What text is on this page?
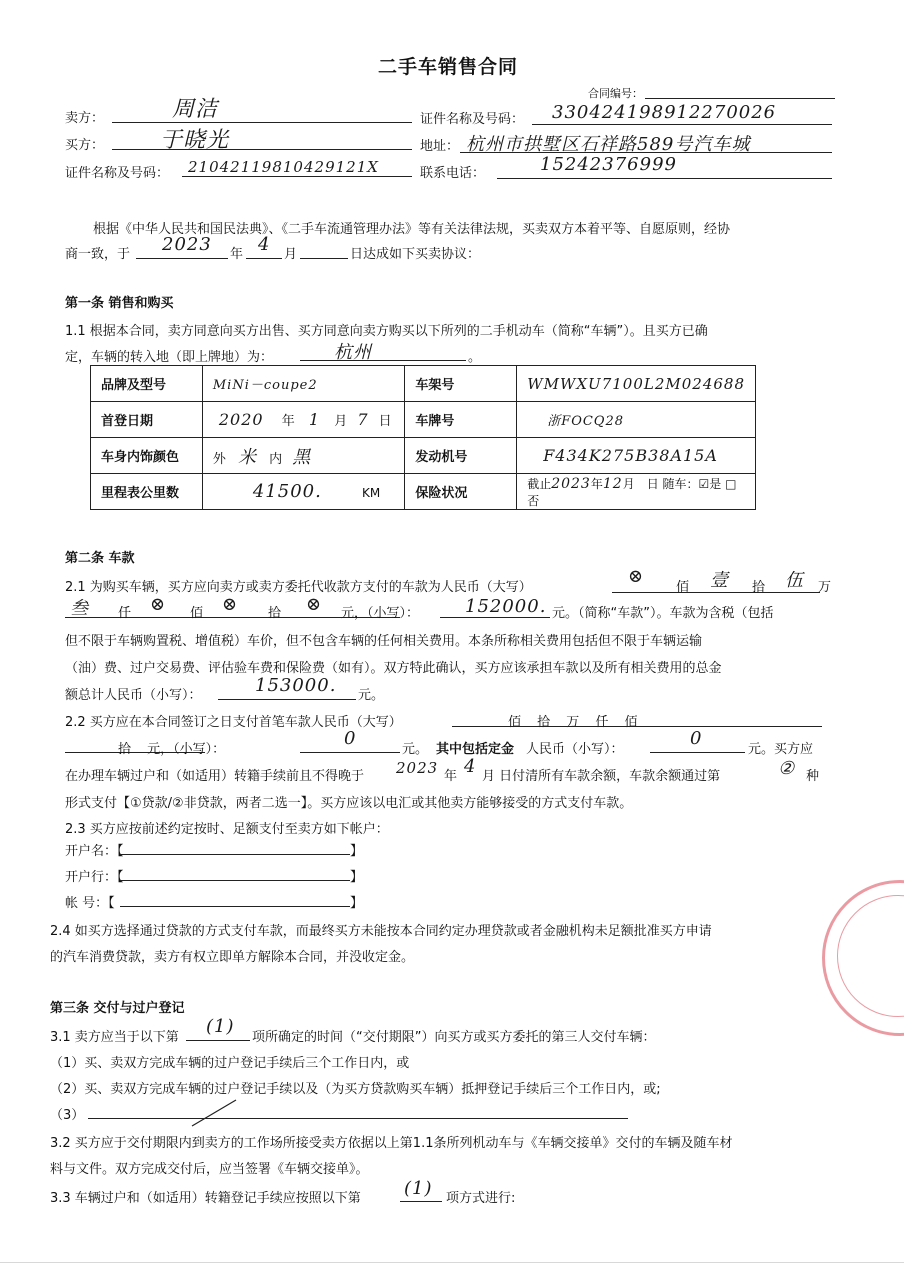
二手车销售合同
合同编号：
卖方：	周洁	证件名称及号码： 330424198912270026
买方：	于晓光	地址： 杭州市拱墅区石祥路589号汽车城
证件名称及号码： 21042119810429121X	联系电话：	15242376999
根据《中华人民共和国民法典》、《二手车流通管理办法》等有关法律法规，买卖双方本着平等、自愿原则，经协
商一致，于 2023 年 4 月	日达成如下买卖协议：
第一条 销售和购买
1.1 根据本合同，卖方同意向买方出售、买方同意向卖方购买以下所列的二手机动车（简称“车辆”）。且买方已确
定，车辆的转入地（即上牌地）为：	杭州	。
品牌及型号	MiNi－coupe2	车架号	WMWXU7100L2M024688
首登日期	2020 年 1 月 7 日	车牌号	浙FOCQ28
车身内饰颜色	外 米 内 黑	发动机号	F434K275B38A15A
里程表公里数	41500. KM	保险状况	截止2023年12月 日 随车：☑是 □否
第二条 车款
2.1 为购买车辆，买方应向卖方或卖方委托代收款方支付的车款为人民币（大写）
⊗
佰 壹 拾 伍 万
叁 仟 ⊗ 佰 ⊗ 拾 ⊗ 元，（小写）：	152000. 元。（简称“车款”）。车款为含税（包括
但不限于车辆购置税、增值税）车价，但不包含车辆的任何相关费用。本条所称相关费用包括但不限于车辆运输
（油）费、过户交易费、评估验车费和保险费（如有）。双方特此确认，买方应该承担车款以及所有相关费用的总金
额总计人民币（小写）：	153000. 元。
2.2 买方应在本合同签订之日支付首笔车款人民币（大写）	佰 拾 万 仟 佰
拾 元，（小写）：
0
元。 其中包括定金 人民币（小写）：
0
元。买方应
在办理车辆过户和（如适用）转籍手续前且不得晚于 2023 年 4 月 日付清所有车款余额，车款余额通过第	② 种
形式支付【①贷款/②非贷款，两者二选一】。买方应该以电汇或其他卖方能够接受的方式支付车款。
2.3 买方应按前述约定按时、足额支付至卖方如下帐户：
开户名：【	】
开户行：【	】
帐 号：【	】
2.4 如买方选择通过贷款的方式支付车款，而最终买方未能按本合同约定办理贷款或者金融机构未足额批准买方申请
的汽车消费贷款，卖方有权立即单方解除本合同，并没收定金。
第三条 交付与过户登记
3.1 卖方应当于以下第
(1)
项所确定的时间（“交付期限”）向买方或买方委托的第三人交付车辆：
（1）买、卖双方完成车辆的过户登记手续后三个工作日内，或
（2）买、卖双方完成车辆的过户登记手续以及（为买方贷款购买车辆）抵押登记手续后三个工作日内，或;
（3）
3.2 买方应于交付期限内到卖方的工作场所接受卖方依据以上第1.1条所列机动车与《车辆交接单》交付的车辆及随车材
料与文件。双方完成交付后，应当签署《车辆交接单》。
3.3 车辆过户和（如适用）转籍登记手续应按照以下第 (1) 项方式进行:
